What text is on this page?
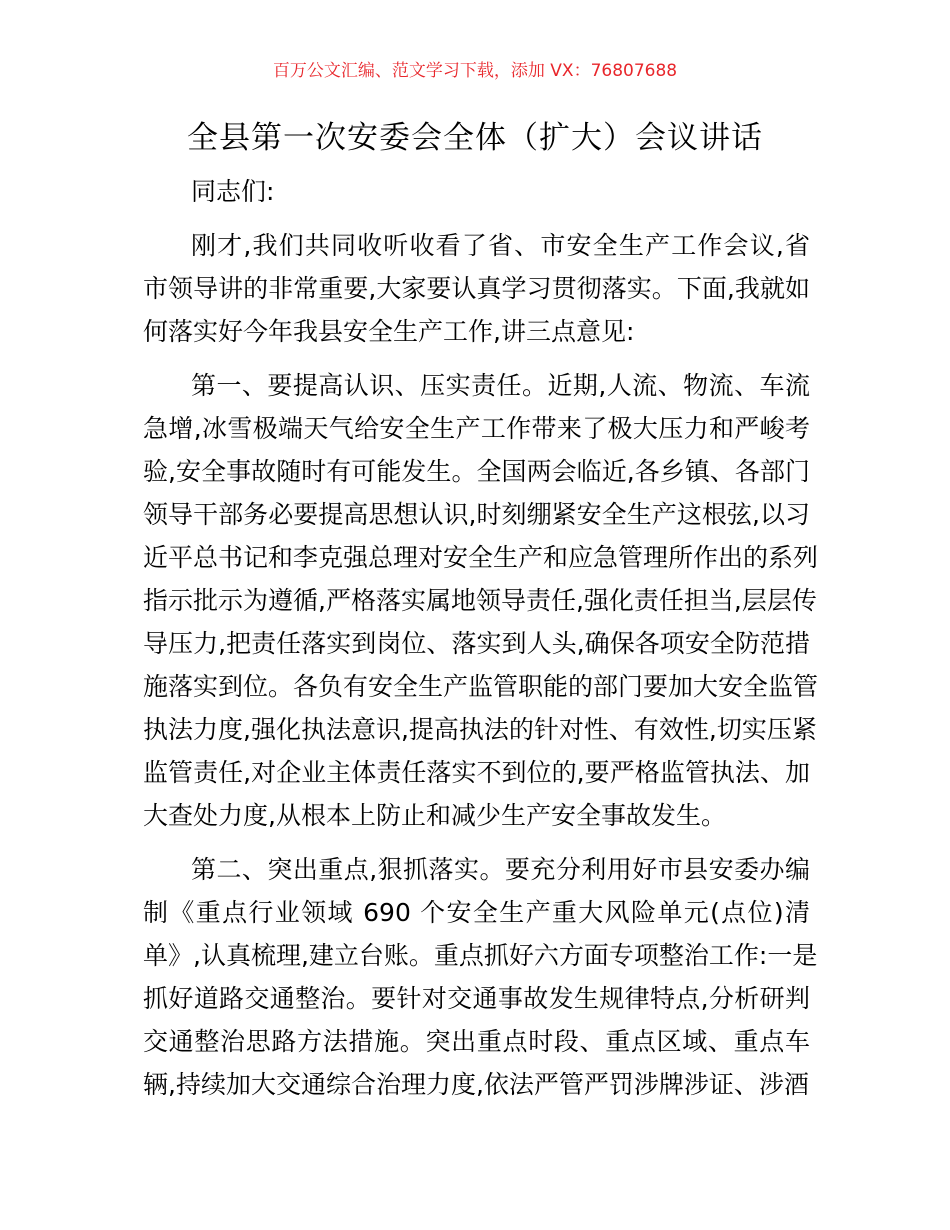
百万公文汇编、范文学习下载，添加 VX：76807688
全县第一次安委会全体（扩大）会议讲话
同志们:
刚才,我们共同收听收看了省、市安全生产工作会议,省
市领导讲的非常重要,大家要认真学习贯彻落实。下面,我就如
何落实好今年我县安全生产工作,讲三点意见:
第一、要提高认识、压实责任。近期,人流、物流、车流
急增,冰雪极端天气给安全生产工作带来了极大压力和严峻考
验,安全事故随时有可能发生。全国两会临近,各乡镇、各部门
领导干部务必要提高思想认识,时刻绷紧安全生产这根弦,以习
近平总书记和李克强总理对安全生产和应急管理所作出的系列
指示批示为遵循,严格落实属地领导责任,强化责任担当,层层传
导压力,把责任落实到岗位、落实到人头,确保各项安全防范措
施落实到位。各负有安全生产监管职能的部门要加大安全监管
执法力度,强化执法意识,提高执法的针对性、有效性,切实压紧
监管责任,对企业主体责任落实不到位的,要严格监管执法、加
大查处力度,从根本上防止和减少生产安全事故发生。
第二、突出重点,狠抓落实。要充分利用好市县安委办编
制《重点行业领域 690 个安全生产重大风险单元(点位)清
单》,认真梳理,建立台账。重点抓好六方面专项整治工作:一是
抓好道路交通整治。要针对交通事故发生规律特点,分析研判
交通整治思路方法措施。突出重点时段、重点区域、重点车
辆,持续加大交通综合治理力度,依法严管严罚涉牌涉证、涉酒
